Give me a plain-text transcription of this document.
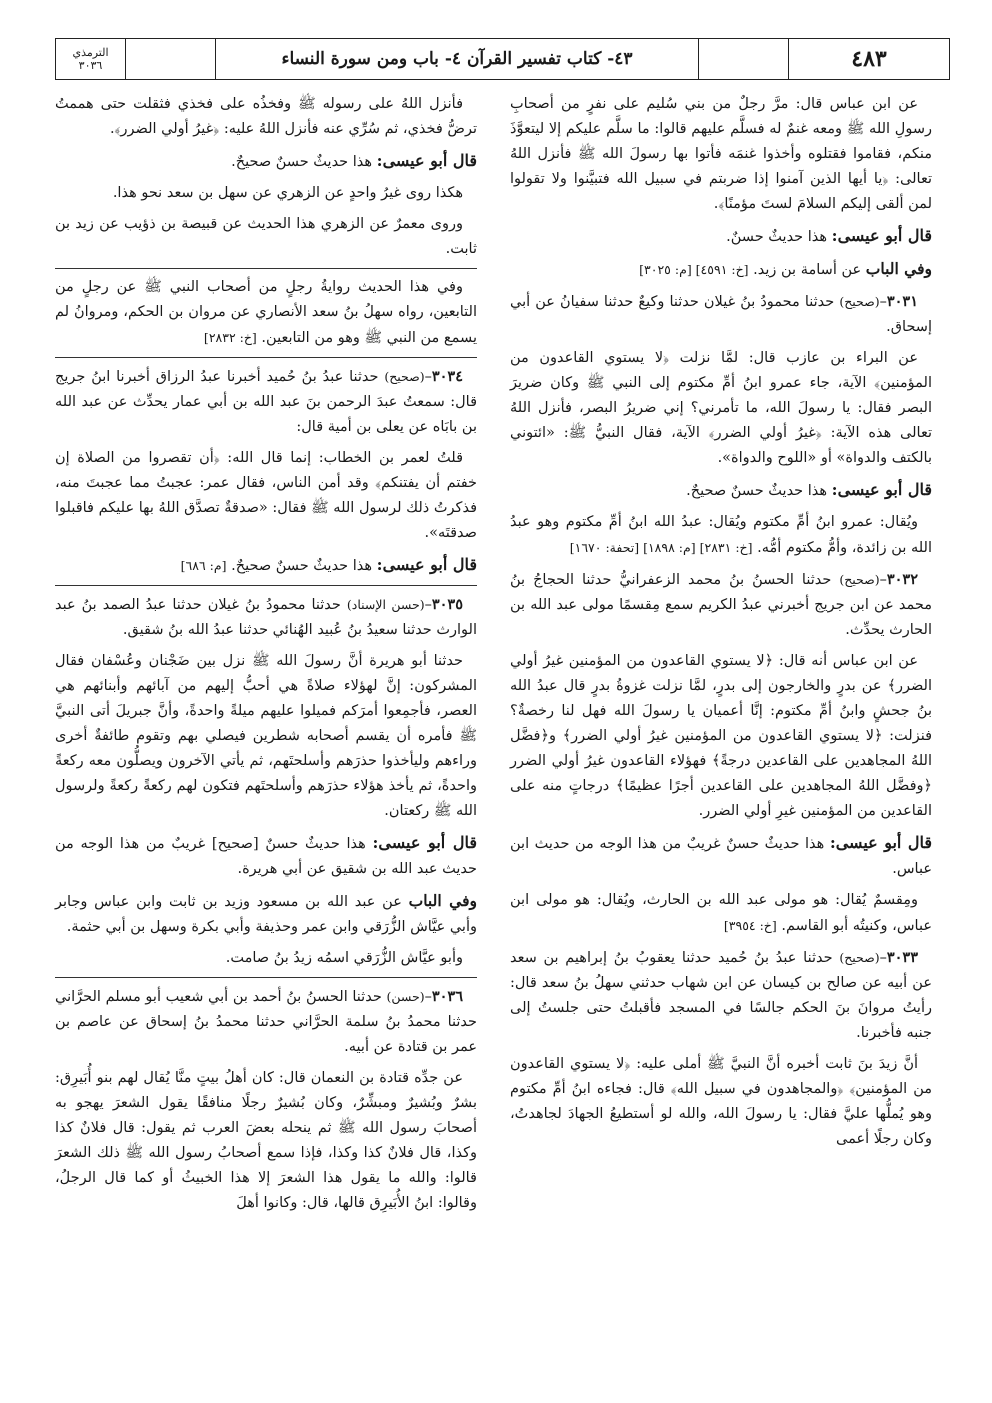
الترمذي
٣٠٣٦	٤٣- كتاب تفسير القرآن ٤- باب ومن سورة النساء	٤٨٣

عن ابن عباس قال: مرَّ رجلٌ من بني سُليم على نفرٍ من أصحابِ رسولِ الله ﷺ ومعه غنمٌ له فسلَّم عليهم قالوا: ما سلَّم عليكم إلا ليتعوَّذَ منكم، فقاموا فقتلوه وأخذوا غنمَه فأتوا بها رسولَ الله ﷺ فأنزل اللهُ تعالى: ﴿يا أيها الذين آمنوا إذا ضربتم في سبيل الله فتبيَّنوا ولا تقولوا لمن ألقى إليكم السلامَ لستَ مؤمنًا﴾.

قال أبو عيسى: هذا حديثٌ حسنٌ.

وفي الباب عن أسامة بن زيد. [خ: ٤٥٩١] [م: ٣٠٢٥]

٣٠٣١–(صحيح) حدثنا محمودُ بنُ غيلان حدثنا وكيعٌ حدثنا سفيانُ عن أبي إسحاق.

عن البراء بن عازب قال: لمَّا نزلت ﴿لا يستوي القاعدون من المؤمنين﴾ الآية، جاء عمرو ابنُ أمِّ مكتوم إلى النبي ﷺ وكان ضريرَ البصر فقال: يا رسولَ الله، ما تأمرني؟ إني ضريرُ البصر، فأنزل اللهُ تعالى هذه الآية: ﴿غيرُ أولي الضرر﴾ الآية، فقال النبيُّ ﷺ: «ائتوني بالكتف والدواة» أو «اللوح والدواة».

قال أبو عيسى: هذا حديثٌ حسنٌ صحيحٌ.

ويُقال: عمرو ابنُ أمِّ مكتوم ويُقال: عبدُ الله ابنُ أمِّ مكتوم وهو عبدُ الله بن زائدة، وأمُّ مكتوم أمُّه. [خ: ٢٨٣١] [م: ١٨٩٨] [تحفة: ١٦٧٠]

٣٠٣٢–(صحيح) حدثنا الحسنُ بنُ محمد الزعفرانيُّ حدثنا الحجاجُ بنُ محمد عن ابن جريج أخبرني عبدُ الكريم سمع مِقسمًا مولى عبد الله بن الحارث يحدِّث.

عن ابن عباس أنه قال: ﴿لا يستوي القاعدون من المؤمنين غيرُ أولي الضرر﴾ عن بدرٍ والخارجون إلى بدرٍ، لمَّا نزلت غزوةُ بدرٍ قال عبدُ الله بنُ جحشٍ وابنُ أمِّ مكتوم: إنَّا أعميان يا رسولَ الله فهل لنا رخصةٌ؟ فنزلت: ﴿لا يستوي القاعدون من المؤمنين غيرُ أولي الضرر﴾ و﴿فضَّل اللهُ المجاهدين على القاعدين درجةً﴾ فهؤلاء القاعدون غيرُ أولي الضرر ﴿وفضَّل اللهُ المجاهدين على القاعدين أجرًا عظيمًا﴾ درجاتٍ منه على القاعدين من المؤمنين غيرِ أولي الضرر.

قال أبو عيسى: هذا حديثٌ حسنٌ غريبٌ من هذا الوجه من حديث ابن عباس.

ومِقسمٌ يُقال: هو مولى عبد الله بن الحارث، ويُقال: هو مولى ابن عباس، وكنيتُه أبو القاسم. [خ: ٣٩٥٤]

٣٠٣٣–(صحيح) حدثنا عبدُ بنُ حُميد حدثنا يعقوبُ بنُ إبراهيم بن سعد عن أبيه عن صالح بن كيسان عن ابن شهاب حدثني سهلُ بنُ سعد قال: رأيتُ مروانَ بنَ الحكم جالسًا في المسجد فأقبلتُ حتى جلستُ إلى جنبه فأخبرنا.

أنَّ زيدَ بنَ ثابت أخبره أنَّ النبيَّ ﷺ أملى عليه: ﴿لا يستوي القاعدون من المؤمنين﴾ ﴿والمجاهدون في سبيل الله﴾ قال: فجاءه ابنُ أمِّ مكتوم وهو يُملُّها عليَّ فقال: يا رسولَ الله، والله لو أستطيعُ الجهادَ لجاهدتُ، وكان رجلًا أعمى

فأنزل اللهُ على رسوله ﷺ وفخذُه على فخذي فثقلت حتى هممتُ ترضُّ فخذي، ثم سُرِّي عنه فأنزل اللهُ عليه: ﴿غيرُ أولي الضرر﴾.

قال أبو عيسى: هذا حديثٌ حسنٌ صحيحٌ.

هكذا روى غيرُ واحدٍ عن الزهري عن سهل بن سعد نحو هذا.

وروى معمرٌ عن الزهري هذا الحديث عن قبيصة بن ذؤيب عن زيد بن ثابت.

وفي هذا الحديث روايةُ رجلٍ من أصحاب النبي ﷺ عن رجلٍ من التابعين، رواه سهلُ بنُ سعد الأنصاري عن مروان بن الحكم، ومروانُ لم يسمع من النبي ﷺ وهو من التابعين. [خ: ٢٨٣٢]

٣٠٣٤–(صحيح) حدثنا عبدُ بنُ حُميد أخبرنا عبدُ الرزاق أخبرنا ابنُ جريج قال: سمعتُ عبدَ الرحمن بنَ عبد الله بن أبي عمار يحدِّث عن عبد الله بن بابَاه عن يعلى بن أمية قال:

قلتُ لعمر بن الخطاب: إنما قال الله: ﴿أن تقصروا من الصلاة إن خفتم أن يفتنكم﴾ وقد أمن الناس، فقال عمر: عجبتُ مما عجبتَ منه، فذكرتُ ذلك لرسول الله ﷺ فقال: «صدقةٌ تصدَّق اللهُ بها عليكم فاقبلوا صدقتَه».

قال أبو عيسى: هذا حديثٌ حسنٌ صحيحٌ. [م: ٦٨٦]

٣٠٣٥–(حسن الإسناد) حدثنا محمودُ بنُ غيلان حدثنا عبدُ الصمد بنُ عبد الوارث حدثنا سعيدُ بنُ عُبيد الهُنائي حدثنا عبدُ الله بنُ شقيق.

حدثنا أبو هريرة أنَّ رسولَ الله ﷺ نزل بين ضَجْنان وعُسْفان فقال المشركون: إنَّ لهؤلاء صلاةً هي أحبُّ إليهم من آبائهم وأبنائهم هي العصر، فأجمِعوا أمرَكم فميلوا عليهم ميلةً واحدةً، وأنَّ جبريلَ أتى النبيَّ ﷺ فأمره أن يقسم أصحابه شطرين فيصلي بهم وتقوم طائفةٌ أخرى وراءهم وليأخذوا حذرَهم وأسلحتَهم، ثم يأتي الآخرون ويصلُّون معه ركعةً واحدةً، ثم يأخذ هؤلاء حذرَهم وأسلحتَهم فتكون لهم ركعةً ركعةً ولرسول الله ﷺ ركعتان.

قال أبو عيسى: هذا حديثٌ حسنٌ [صحيح] غريبٌ من هذا الوجه من حديث عبد الله بن شقيق عن أبي هريرة.

وفي الباب عن عبد الله بن مسعود وزيد بن ثابت وابن عباس وجابر وأبي عيَّاش الزُّرَقي وابن عمر وحذيفة وأبي بكرة وسهل بن أبي حثمة.

وأبو عيَّاش الزُّرَقي اسمُه زيدُ بنُ صامت.

٣٠٣٦–(حسن) حدثنا الحسنُ بنُ أحمد بن أبي شعيب أبو مسلم الحرَّاني حدثنا محمدُ بنُ سلمة الحرَّاني حدثنا محمدُ بنُ إسحاق عن عاصم بن عمر بن قتادة عن أبيه.

عن جدِّه قتادة بن النعمان قال: كان أهلُ بيتٍ منَّا يُقال لهم بنو أُبَيرِق: بشرٌ وبُشيرٌ ومبشِّرٌ، وكان بُشيرٌ رجلًا منافقًا يقول الشعرَ يهجو به أصحابَ رسول الله ﷺ ثم ينحله بعضَ العرب ثم يقول: قال فلانٌ كذا وكذا، قال فلانٌ كذا وكذا، فإذا سمع أصحابُ رسول الله ﷺ ذلك الشعرَ قالوا: والله ما يقول هذا الشعرَ إلا هذا الخبيثُ أو كما قال الرجلُ، وقالوا: ابنُ الأُبَيرِق قالها، قال: وكانوا أهلَ
